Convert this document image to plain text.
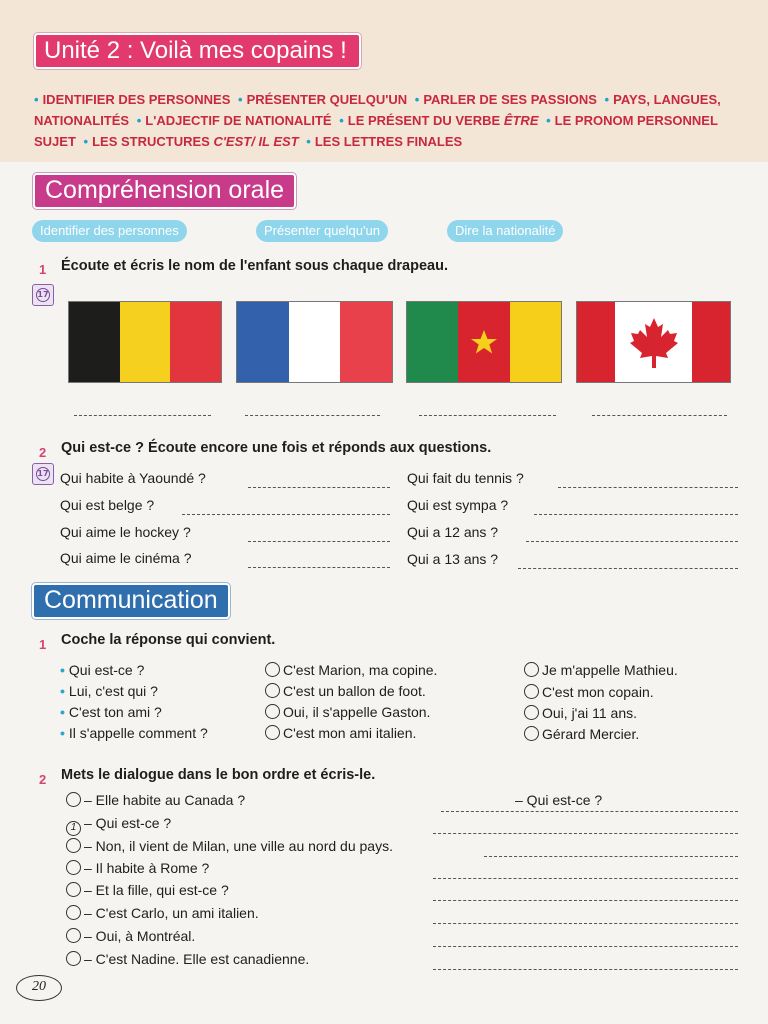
Unité 2 : Voilà mes copains !
• IDENTIFIER DES PERSONNES • PRÉSENTER QUELQU'UN • PARLER DE SES PASSIONS • PAYS, LANGUES,
NATIONALITÉS • L'ADJECTIF DE NATIONALITÉ • LE PRÉSENT DU VERBE ÊTRE • LE PRONOM PERSONNEL
SUJET • LES STRUCTURES C'EST/ IL EST • LES LETTRES FINALES
Compréhension orale
Identifier des personnes	Présenter quelqu'un	Dire la nationalité
1 Écoute et écris le nom de l'enfant sous chaque drapeau.
17
2 Qui est-ce ? Écoute encore une fois et réponds aux questions.
17 Qui habite à Yaoundé ?
Qui est belge ?
Qui aime le hockey ?
Qui aime le cinéma ?
Qui fait du tennis ?
Qui est sympa ?
Qui a 12 ans ?
Qui a 13 ans ?
Communication
1 Coche la réponse qui convient.
• Qui est-ce ?
• Lui, c'est qui ?
• C'est ton ami ?
• Il s'appelle comment ?
C'est Marion, ma copine.
C'est un ballon de foot.
Oui, il s'appelle Gaston.
C'est mon ami italien.
Je m'appelle Mathieu.
C'est mon copain.
Oui, j'ai 11 ans.
Gérard Mercier.
2 Mets le dialogue dans le bon ordre et écris-le.
– Elle habite au Canada ?
1 – Qui est-ce ?
– Non, il vient de Milan, une ville au nord du pays.
– Il habite à Rome ?
– Et la fille, qui est-ce ?
– C'est Carlo, un ami italien.
– Oui, à Montréal.
– C'est Nadine. Elle est canadienne.
– Qui est-ce ?
20
